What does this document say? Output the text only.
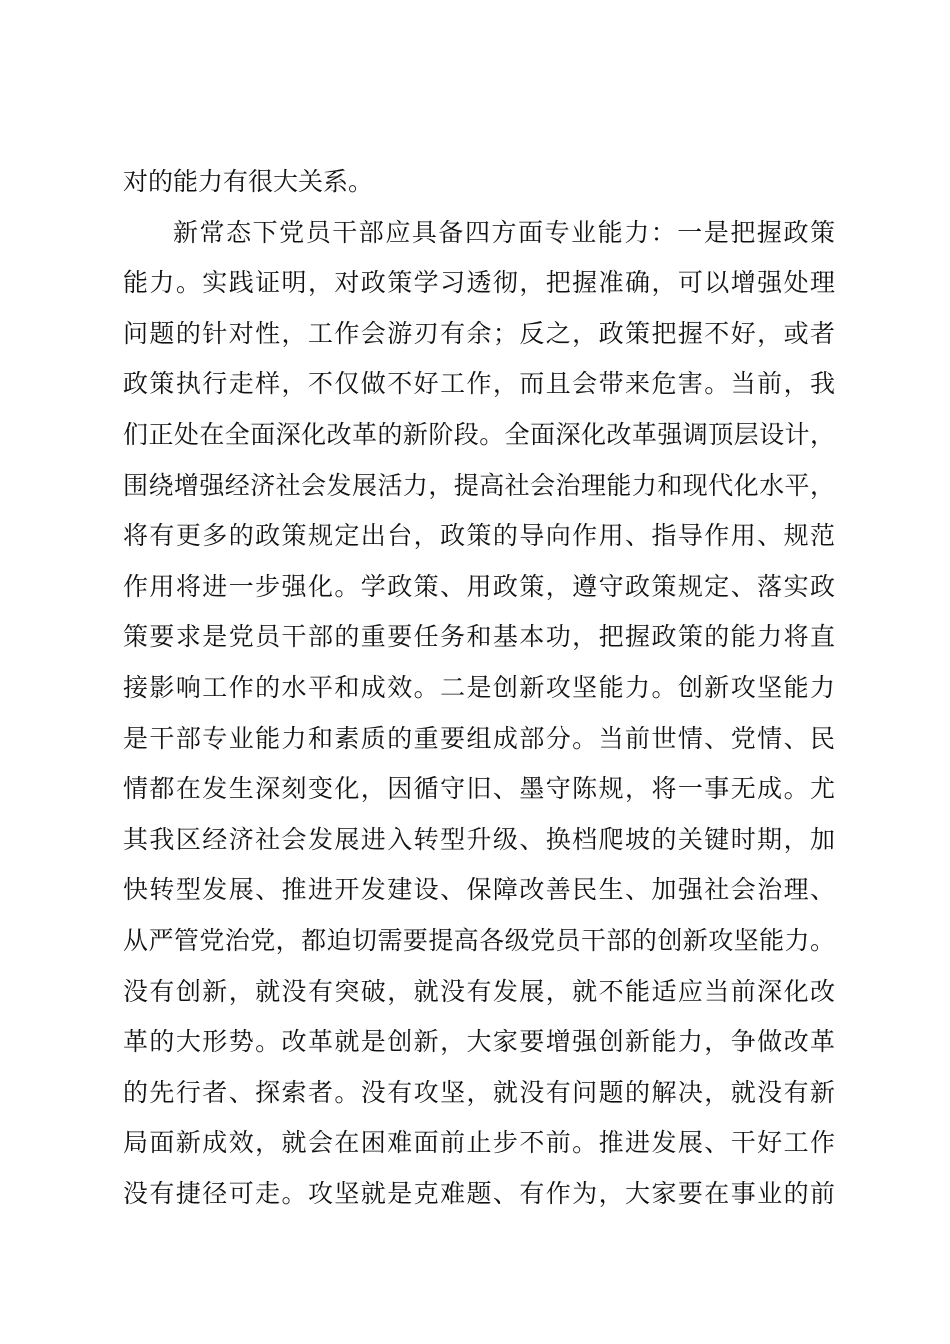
对的能力有很大关系。
新常态下党员干部应具备四方面专业能力：一是把握政策
能力。实践证明，对政策学习透彻，把握准确，可以增强处理
问题的针对性，工作会游刃有余；反之，政策把握不好，或者
政策执行走样，不仅做不好工作，而且会带来危害。当前，我
们正处在全面深化改革的新阶段。全面深化改革强调顶层设计，
围绕增强经济社会发展活力，提高社会治理能力和现代化水平，
将有更多的政策规定出台，政策的导向作用、指导作用、规范
作用将进一步强化。学政策、用政策，遵守政策规定、落实政
策要求是党员干部的重要任务和基本功，把握政策的能力将直
接影响工作的水平和成效。二是创新攻坚能力。创新攻坚能力
是干部专业能力和素质的重要组成部分。当前世情、党情、民
情都在发生深刻变化，因循守旧、墨守陈规，将一事无成。尤
其我区经济社会发展进入转型升级、换档爬坡的关键时期，加
快转型发展、推进开发建设、保障改善民生、加强社会治理、
从严管党治党，都迫切需要提高各级党员干部的创新攻坚能力。
没有创新，就没有突破，就没有发展，就不能适应当前深化改
革的大形势。改革就是创新，大家要增强创新能力，争做改革
的先行者、探索者。没有攻坚，就没有问题的解决，就没有新
局面新成效，就会在困难面前止步不前。推进发展、干好工作
没有捷径可走。攻坚就是克难题、有作为，大家要在事业的前
